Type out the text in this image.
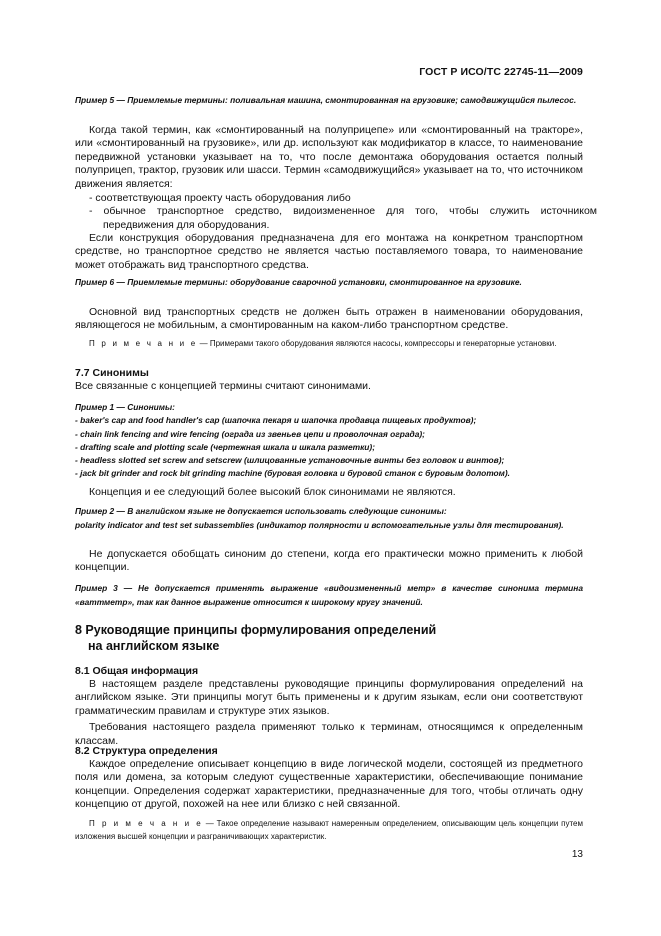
ГОСТ Р ИСО/ТС 22745-11—2009

Пример 5 — Приемлемые термины: поливальная машина, смонтированная на грузовике; самодвижущийся пылесос.

Когда такой термин, как «смонтированный на полуприцепе» или «смонтированный на тракторе», или «смонтированный на грузовике», или др. используют как модификатор в классе, то наименование передвижной установки указывает на то, что после демонтажа оборудования остается полный полуприцеп, трактор, грузовик или шасси. Термин «самодвижущийся» указывает на то, что источником движения является:

- соответствующая проекту часть оборудования либо
- обычное транспортное средство, видоизмененное для того, чтобы служить источником передвижения для оборудования.

Если конструкция оборудования предназначена для его монтажа на конкретном транспортном средстве, но транспортное средство не является частью поставляемого товара, то наименование может отображать вид транспортного средства.

Пример 6 — Приемлемые термины: оборудование сварочной установки, смонтированное на грузовике.

Основной вид транспортных средств не должен быть отражен в наименовании оборудования, являющегося не мобильным, а смонтированным на каком-либо транспортном средстве.

П р и м е ч а н и е — Примерами такого оборудования являются насосы, компрессоры и генераторные установки.

7.7 Синонимы
Все связанные с концепцией термины считают синонимами.
Пример 1 — Синонимы:
- baker's cap and food handler's cap (шапочка пекаря и шапочка продавца пищевых продуктов);
- chain link fencing and wire fencing (ограда из звеньев цепи и проволочная ограда);
- drafting scale and plotting scale (чертежная шкала и шкала разметки);
- headless slotted set screw and setscrew (шлицованные установочные винты без головок и винтов);
- jack bit grinder and rock bit grinding machine (буровая головка и буровой станок с буровым долотом).

Концепция и ее следующий более высокий блок синонимами не являются.

Пример 2 — В английском языке не допускается использовать следующие синонимы:
polarity indicator and test set subassemblies (индикатор полярности и вспомогательные узлы для тестирования).

Не допускается обобщать синоним до степени, когда его практически можно применить к любой концепции.

Пример 3 — Не допускается применять выражение «видоизмененный метр» в качестве синонима термина «ваттметр», так как данное выражение относится к широкому кругу значений.

8 Руководящие принципы формулирования определений
на английском языке
8.1 Общая информация

В настоящем разделе представлены руководящие принципы формулирования определений на английском языке. Эти принципы могут быть применены и к другим языкам, если они соответствуют грамматическим правилам и структуре этих языков.

Требования настоящего раздела применяют только к терминам, относящимся к определенным классам.

8.2 Структура определения

Каждое определение описывает концепцию в виде логической модели, состоящей из предметного поля или домена, за которым следуют существенные характеристики, обеспечивающие понимание концепции. Определения содержат характеристики, предназначенные для того, чтобы отличать одну концепцию от другой, похожей на нее или близко с ней связанной.

П р и м е ч а н и е — Такое определение называют намеренным определением, описывающим цель концепции путем изложения высшей концепции и разграничивающих характеристик.

13
